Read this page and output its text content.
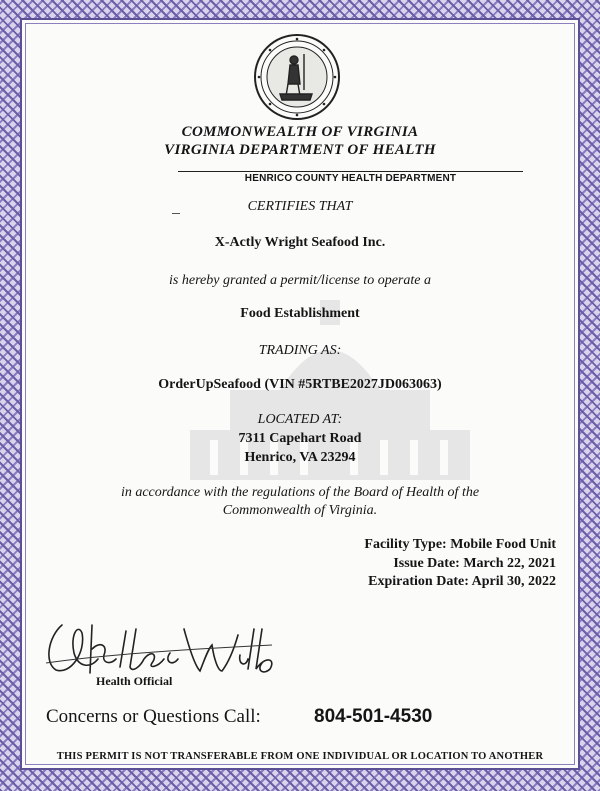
COMMONWEALTH OF VIRGINIA
VIRGINIA DEPARTMENT OF HEALTH
HENRICO COUNTY HEALTH DEPARTMENT
CERTIFIES THAT
X-Actly Wright Seafood Inc.
is hereby granted a permit/license to operate a
Food Establishment
TRADING AS:
OrderUpSeafood (VIN #5RTBE2027JD063063)
LOCATED AT:
7311 Capehart Road
Henrico, VA 23294
in accordance with the regulations of the Board of Health of the
Commonwealth of Virginia.
Facility Type: Mobile Food Unit
Issue Date: March 22, 2021
Expiration Date: April 30, 2022
Health Official
Concerns or Questions Call:	804-501-4530
THIS PERMIT IS NOT TRANSFERABLE FROM ONE INDIVIDUAL OR LOCATION TO ANOTHER
